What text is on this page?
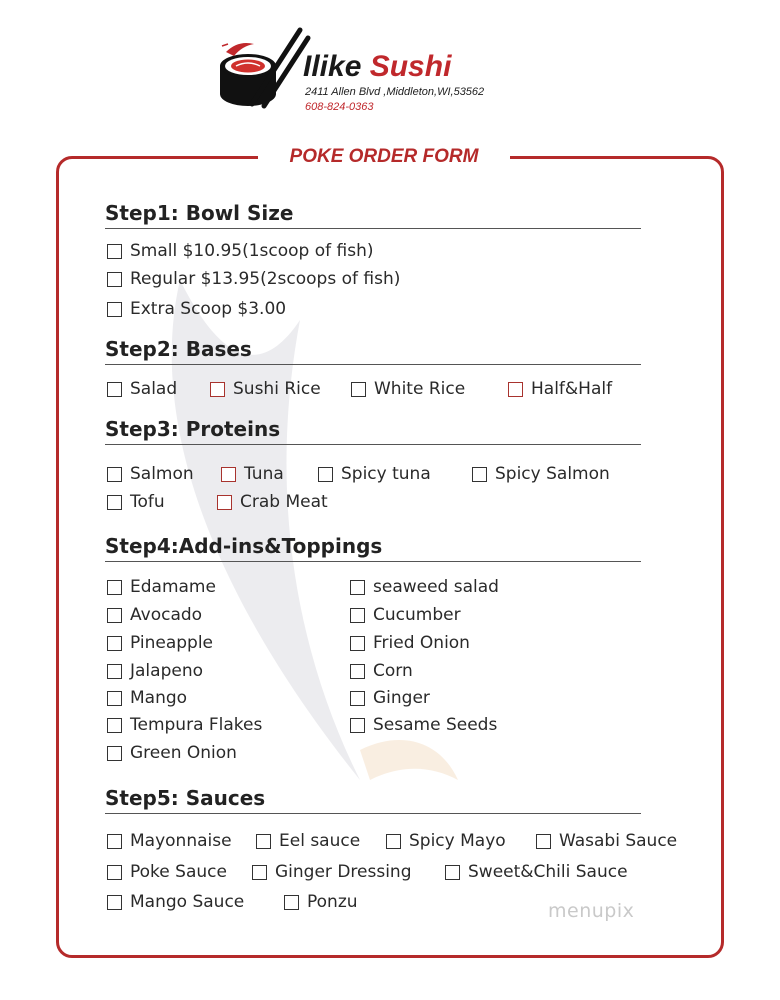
Ilike Sushi
2411 Allen Blvd ,Middleton,WI,53562
608-824-0363
POKE ORDER FORM
Step1: Bowl Size
Small $10.95(1scoop of fish)
Regular $13.95(2scoops of fish)
Extra Scoop $3.00
Step2: Bases
Salad	Sushi Rice	White Rice	Half&Half
Step3: Proteins
Salmon	Tuna	Spicy tuna	Spicy Salmon
Tofu	Crab Meat
Step4:Add-ins&Toppings
Edamame
Avocado
Pineapple
Jalapeno
Mango
Tempura Flakes
Green Onion
seaweed salad
Cucumber
Fried Onion
Corn
Ginger
Sesame Seeds
Step5: Sauces
Mayonnaise	Eel sauce	Spicy Mayo	Wasabi Sauce
Poke Sauce	Ginger Dressing	Sweet&Chili Sauce
Mango Sauce	Ponzu	menupix
